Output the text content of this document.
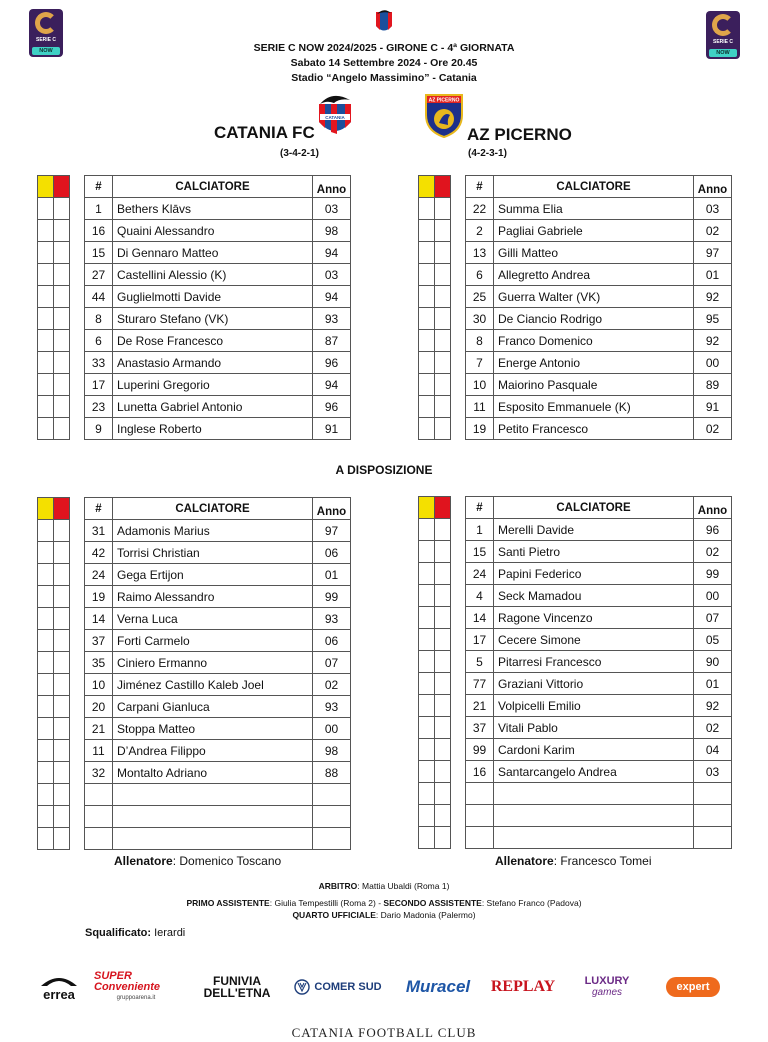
SERIE C
NOW
SERIE C
NOW
SERIE C NOW 2024/2025 - GIRONE C - 4ª GIORNATA
Sabato 14 Settembre 2024 - Ore 20.45
Stadio “Angelo Massimino” - Catania
CATANIA FC
CATANIA
(3-4-2-1)
AZ PICERNO
AZ PICERNO
(4-2-3-1)

#	CALCIATORE	Anno
1	Bethers Klāvs	03
16	Quaini Alessandro	98
15	Di Gennaro Matteo	94
27	Castellini Alessio (K)	03
44	Guglielmotti Davide	94
8	Sturaro Stefano (VK)	93
6	De Rose Francesco	87
33	Anastasio Armando	96
17	Luperini Gregorio	94
23	Lunetta Gabriel Antonio	96
9	Inglese Roberto	91

#	CALCIATORE	Anno
22	Summa Elia	03
2	Pagliai Gabriele	02
13	Gilli Matteo	97
6	Allegretto Andrea	01
25	Guerra Walter (VK)	92
30	De Ciancio Rodrigo	95
8	Franco Domenico	92
7	Energe Antonio	00
10	Maiorino Pasquale	89
11	Esposito Emmanuele (K)	91
19	Petito Francesco	02

#	CALCIATORE	Anno
31	Adamonis Marius	97
42	Torrisi Christian	06
24	Gega Ertijon	01
19	Raimo Alessandro	99
14	Verna Luca	93
37	Forti Carmelo	06
35	Ciniero Ermanno	07
10	Jiménez Castillo Kaleb Joel	02
20	Carpani Gianluca	93
21	Stoppa Matteo	00
11	D’Andrea Filippo	98
32	Montalto Adriano	88

#	CALCIATORE	Anno
1	Merelli Davide	96
15	Santi Pietro	02
24	Papini Federico	99
4	Seck Mamadou	00
14	Ragone Vincenzo	07
17	Cecere Simone	05
5	Pitarresi Francesco	90
77	Graziani Vittorio	01
21	Volpicelli Emilio	92
37	Vitali Pablo	02
99	Cardoni Karim	04
16	Santarcangelo Andrea	03

A DISPOSIZIONE
Allenatore: Domenico Toscano	Allenatore: Francesco Tomei
ARBITRO: Mattia Ubaldi (Roma 1)
PRIMO ASSISTENTE: Giulia Tempestilli (Roma 2) - SECONDO ASSISTENTE: Stefano Franco (Padova)
QUARTO UFFICIALE: Dario Madonia (Palermo)
Squalificato: Ierardi
errea
SUPER Conveniente
gruppoarena.it
FUNIVIA DELL'ETNA	COMER SUD Muracel REPLAY	LUXURY
games	expert
CATANIA FOOTBALL CLUB
